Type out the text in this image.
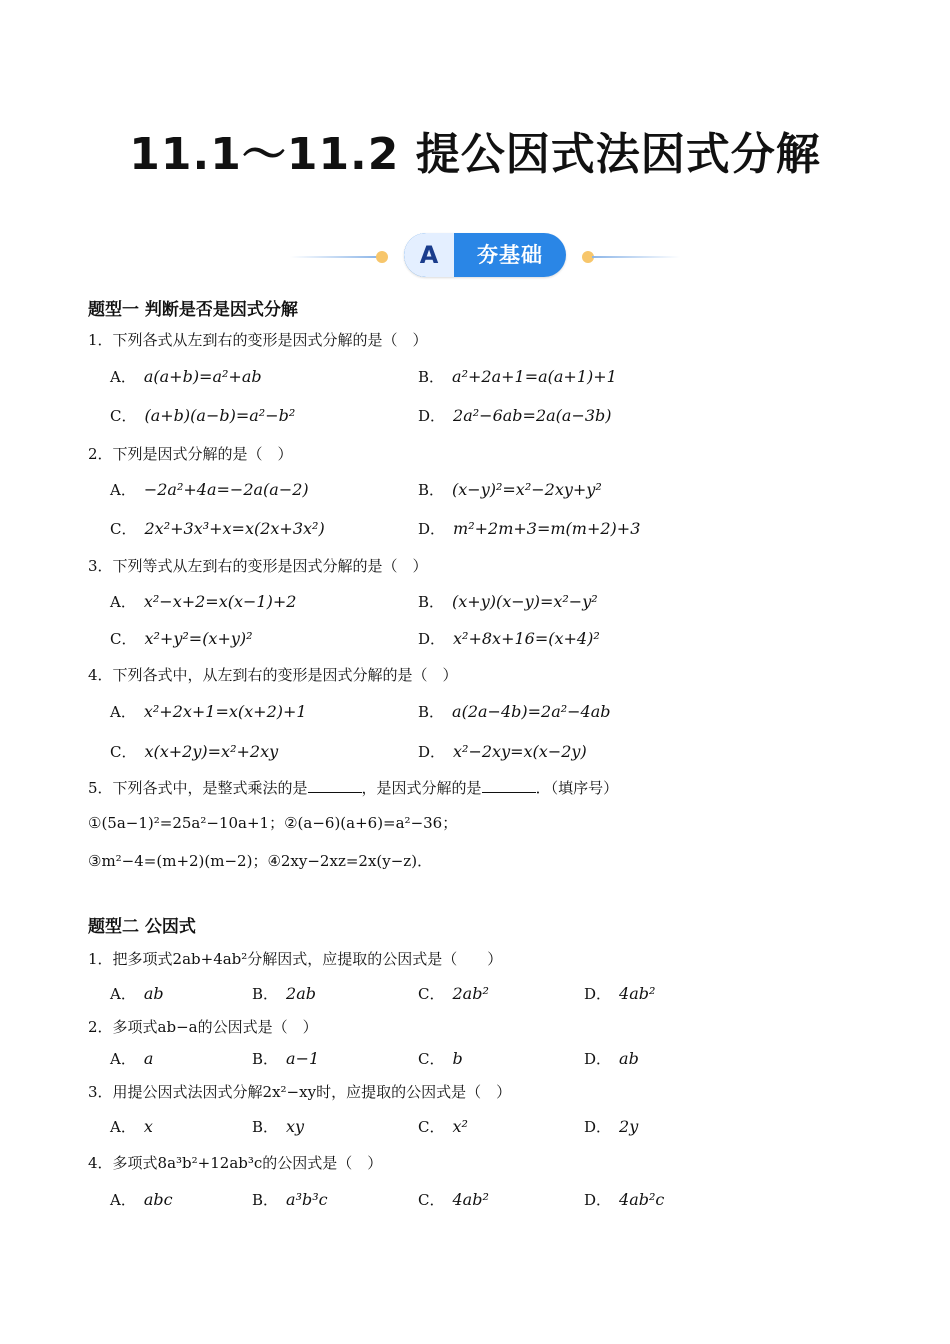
11.1～11.2 提公因式法因式分解
A	夯基础
题型一 判断是否是因式分解
1．下列各式从左到右的变形是因式分解的是（　）
A． a(a+b)=a²+ab	B． a²+2a+1=a(a+1)+1
C． (a+b)(a−b)=a²−b²	D． 2a²−6ab=2a(a−3b)
2．下列是因式分解的是（　）
A． −2a²+4a=−2a(a−2)	B． (x−y)²=x²−2xy+y²
C． 2x²+3x³+x=x(2x+3x²)	D． m²+2m+3=m(m+2)+3
3．下列等式从左到右的变形是因式分解的是（　）
A． x²−x+2=x(x−1)+2	B． (x+y)(x−y)=x²−y²
C． x²+y²=(x+y)²	D． x²+8x+16=(x+4)²
4．下列各式中，从左到右的变形是因式分解的是（　）
A． x²+2x+1=x(x+2)+1	B． a(2a−4b)=2a²−4ab
C． x(x+2y)=x²+2xy	D． x²−2xy=x(x−2y)
5．下列各式中，是整式乘法的是	，是因式分解的是	．（填序号）
①(5a−1)²=25a²−10a+1；②(a−6)(a+6)=a²−36；
③m²−4=(m+2)(m−2)；④2xy−2xz=2x(y−z)．
题型二 公因式
1．把多项式2ab+4ab²分解因式，应提取的公因式是（　　）
A． ab	B． 2ab	C． 2ab²	D． 4ab²
2．多项式ab−a的公因式是（　）
A． a	B． a−1	C． b	D． ab
3．用提公因式法因式分解2x²−xy时，应提取的公因式是（　）
A． x	B． xy	C． x²	D． 2y
4．多项式8a³b²+12ab³c的公因式是（　）
A． abc	B． a³b³c	C． 4ab²	D． 4ab²c
